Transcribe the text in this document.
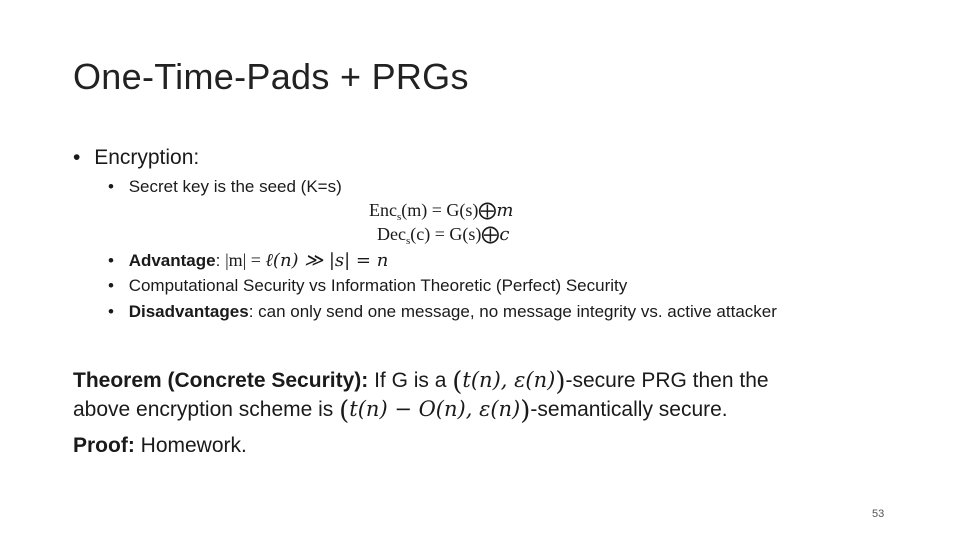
One-Time-Pads + PRGs
• Encryption:
• Secret key is the seed (K=s)
Enc$_s$(m) = G(s)⨁m
Dec$_s$(c) = G(s)⨁c
• Advantage: |m| = ℓ(n) ≫ |s| = n
• Computational Security vs Information Theoretic (Perfect) Security
• Disadvantages: can only send one message, no message integrity vs. active attacker
Theorem (Concrete Security): If G is a (t(n), ε(n))-secure PRG then the
above encryption scheme is (t(n) − O(n), ε(n))-semantically secure.
Proof: Homework.
53
